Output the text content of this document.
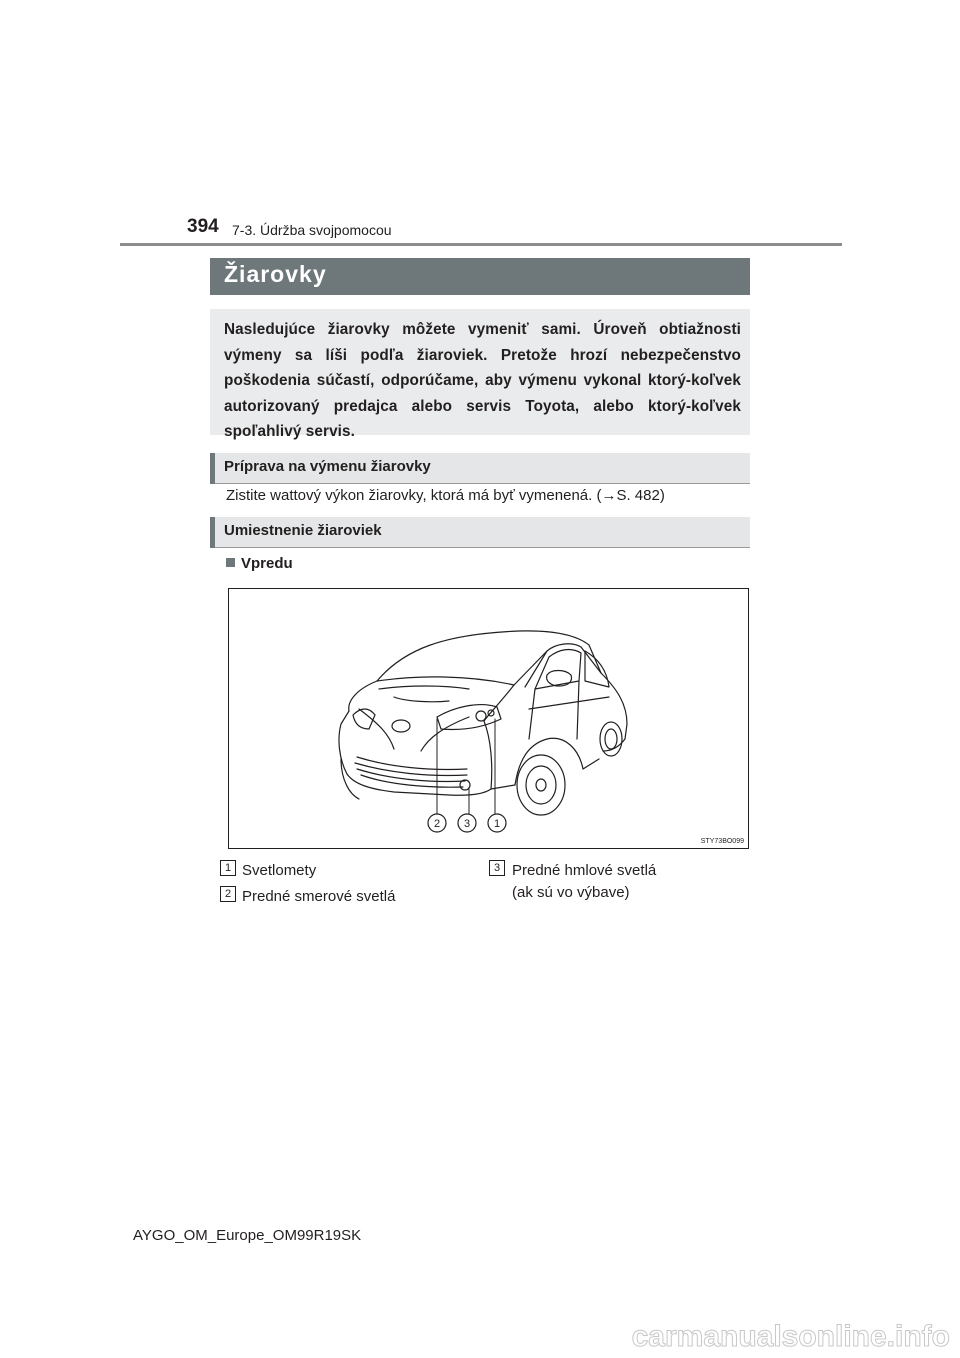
394 7-3. Údržba svojpomocou
Žiarovky
Nasledujúce žiarovky môžete vymeniť sami. Úroveň obtiažnosti výmeny sa líši podľa žiaroviek. Pretože hrozí nebezpečenstvo poškodenia súčastí, odporúčame, aby výmenu vykonal ktorý-koľvek autorizovaný predajca alebo servis Toyota, alebo ktorý-koľvek spoľahlivý servis.
Príprava na výmenu žiarovky
Zistite wattový výkon žiarovky, ktorá má byť vymenená. (→S. 482)
Umiestnenie žiaroviek
Vpredu
2 3 1
STY73BO099
1 Svetlomety
2 Predné smerové svetlá
3 Predné hmlové svetlá
(ak sú vo výbave)
AYGO_OM_Europe_OM99R19SK
carmanualsonline.info
